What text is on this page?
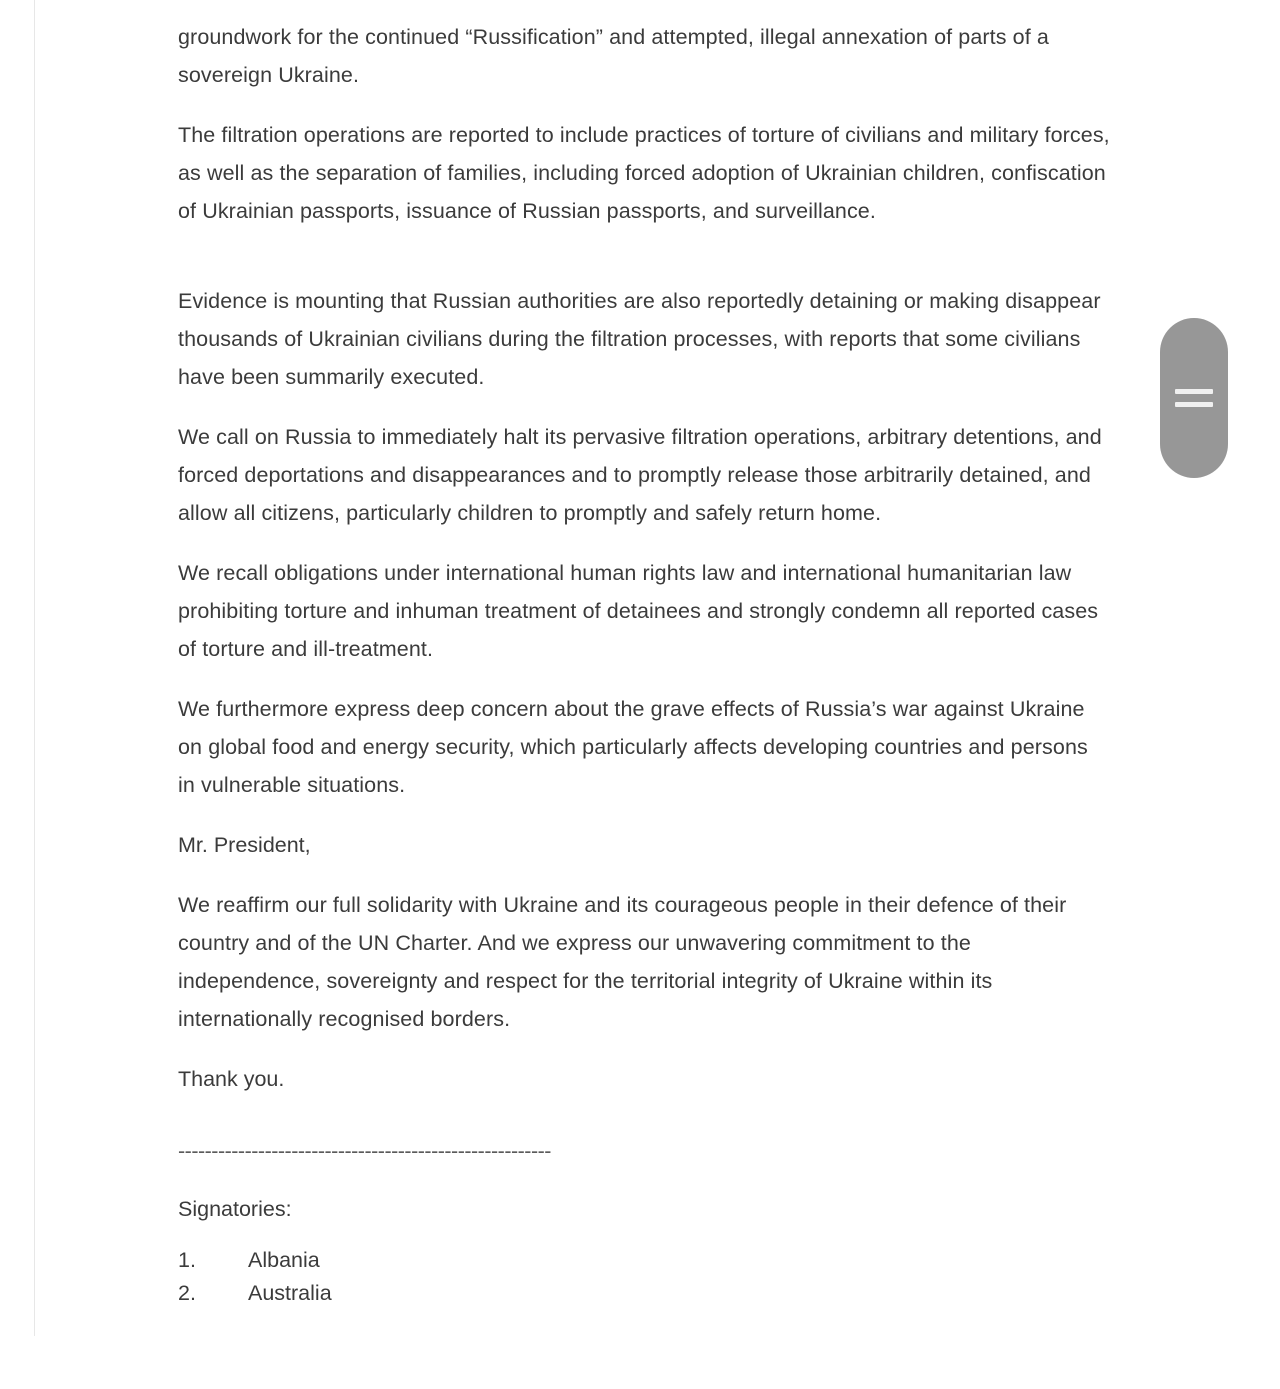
groundwork for the continued “Russification” and attempted, illegal annexation of parts of a sovereign Ukraine.

The filtration operations are reported to include practices of torture of civilians and military forces, as well as the separation of families, including forced adoption of Ukrainian children, confiscation of Ukrainian passports, issuance of Russian passports, and surveillance.

Evidence is mounting that Russian authorities are also reportedly detaining or making disappear thousands of Ukrainian civilians during the filtration processes, with reports that some civilians have been summarily executed.

We call on Russia to immediately halt its pervasive filtration operations, arbitrary detentions, and forced deportations and disappearances and to promptly release those arbitrarily detained, and allow all citizens, particularly children to promptly and safely return home.

We recall obligations under international human rights law and international humanitarian law prohibiting torture and inhuman treatment of detainees and strongly condemn all reported cases of torture and ill-treatment.

We furthermore express deep concern about the grave effects of Russia’s war against Ukraine on global food and energy security, which particularly affects developing countries and persons in vulnerable situations.

Mr. President,

We reaffirm our full solidarity with Ukraine and its courageous people in their defence of their country and of the UN Charter. And we express our unwavering commitment to the independence, sovereignty and respect for the territorial integrity of Ukraine within its internationally recognised borders.

Thank you.

--------------------------------------------------------

Signatories:

1.	Albania
2.	Australia
